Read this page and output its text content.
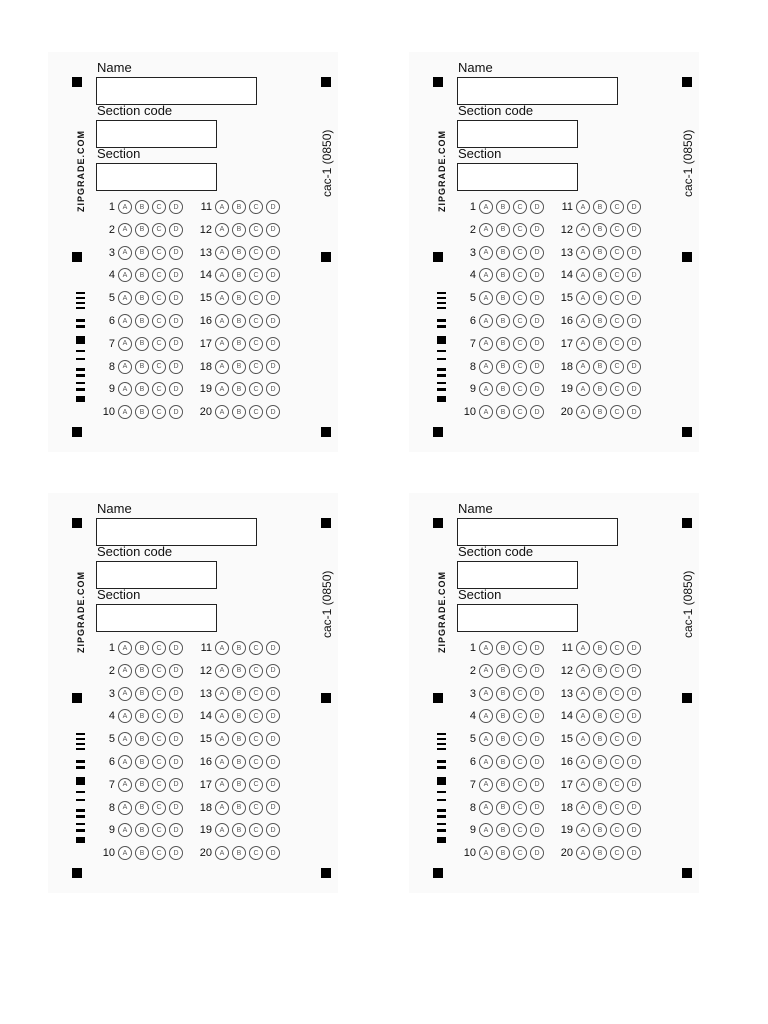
Name
Section code
Section
ZIPGRADE.COM	cac-1 (0850)
1	A	B	C	D	11	A	B	C	D
2	A	B	C	D	12	A	B	C	D
3	A	B	C	D	13	A	B	C	D
4	A	B	C	D	14	A	B	C	D
5	A	B	C	D	15	A	B	C	D
6	A	B	C	D	16	A	B	C	D
7	A	B	C	D	17	A	B	C	D
8	A	B	C	D	18	A	B	C	D
9	A	B	C	D	19	A	B	C	D
10	A	B	C	D	20	A	B	C	D
Name
Section code
Section
ZIPGRADE.COM	cac-1 (0850)
1	A	B	C	D	11	A	B	C	D
2	A	B	C	D	12	A	B	C	D
3	A	B	C	D	13	A	B	C	D
4	A	B	C	D	14	A	B	C	D
5	A	B	C	D	15	A	B	C	D
6	A	B	C	D	16	A	B	C	D
7	A	B	C	D	17	A	B	C	D
8	A	B	C	D	18	A	B	C	D
9	A	B	C	D	19	A	B	C	D
10	A	B	C	D	20	A	B	C	D
Name
Section code
Section
ZIPGRADE.COM	cac-1 (0850)
1	A	B	C	D	11	A	B	C	D
2	A	B	C	D	12	A	B	C	D
3	A	B	C	D	13	A	B	C	D
4	A	B	C	D	14	A	B	C	D
5	A	B	C	D	15	A	B	C	D
6	A	B	C	D	16	A	B	C	D
7	A	B	C	D	17	A	B	C	D
8	A	B	C	D	18	A	B	C	D
9	A	B	C	D	19	A	B	C	D
10	A	B	C	D	20	A	B	C	D
Name
Section code
Section
ZIPGRADE.COM	cac-1 (0850)
1	A	B	C	D	11	A	B	C	D
2	A	B	C	D	12	A	B	C	D
3	A	B	C	D	13	A	B	C	D
4	A	B	C	D	14	A	B	C	D
5	A	B	C	D	15	A	B	C	D
6	A	B	C	D	16	A	B	C	D
7	A	B	C	D	17	A	B	C	D
8	A	B	C	D	18	A	B	C	D
9	A	B	C	D	19	A	B	C	D
10	A	B	C	D	20	A	B	C	D
